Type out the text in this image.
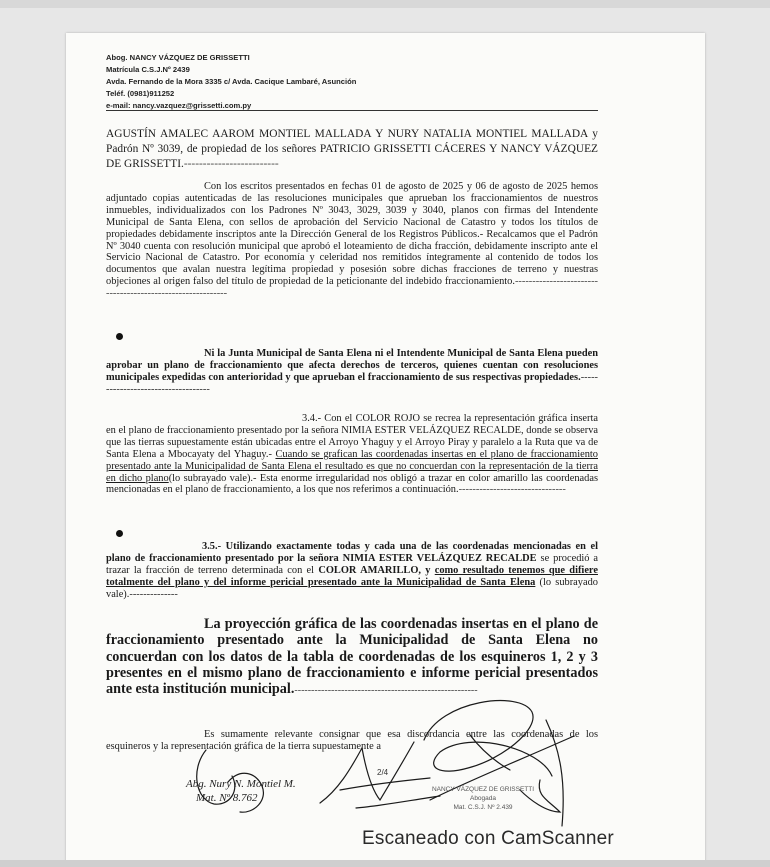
Abog. NANCY VÁZQUEZ DE GRISSETTI
Matrícula C.S.J.Nº 2439
Avda. Fernando de la Mora 3335 c/ Avda. Cacique Lambaré, Asunción
Teléf. (0981)911252
e-mail: nancy.vazquez@grissetti.com.py

AGUSTÍN AMALEC AAROM MONTIEL MALLADA Y NURY NATALIA MONTIEL MALLADA y Padrón Nº 3039, de propiedad de los señores PATRICIO GRISSETTI CÁCERES Y NANCY VÁZQUEZ DE GRISSETTI.-------------------------

Con los escritos presentados en fechas 01 de agosto de 2025 y 06 de agosto de 2025 hemos adjuntado copias autenticadas de las resoluciones municipales que aprueban los fraccionamientos de nuestros inmuebles, individualizados con los Padrones Nº 3043, 3029, 3039 y 3040, planos con firmas del Intendente Municipal de Santa Elena, con sellos de aprobación del Servicio Nacional de Catastro y todos los títulos de propiedades debidamente inscriptos ante la Dirección General de los Registros Públicos.- Recalcamos que el Padrón Nº 3040 cuenta con resolución municipal que aprobó el loteamiento de dicha fracción, debidamente inscripto ante el Servicio Nacional de Catastro. Por economía y celeridad nos remitidos íntegramente al contenido de todos los documentos que avalan nuestra legítima propiedad y posesión sobre dichas fracciones de terreno y nuestras objeciones al origen falso del título de propiedad de la peticionante del indebido fraccionamiento.-----------------------------------------------------------

Ni la Junta Municipal de Santa Elena ni el Intendente Municipal de Santa Elena pueden aprobar un plano de fraccionamiento que afecta derechos de terceros, quienes cuentan con resoluciones municipales expedidas con anterioridad y que aprueban el fraccionamiento de sus respectivas propiedades.-----------------------------------

3.4.- Con el COLOR ROJO se recrea la representación gráfica inserta en el plano de fraccionamiento presentado por la señora NIMIA ESTER VELÁZQUEZ RECALDE, donde se observa que las tierras supuestamente están ubicadas entre el Arroyo Yhaguy y el Arroyo Piray y paralelo a la Ruta que va de Santa Elena a Mbocayaty del Yhaguy.- Cuando se grafican las coordenadas insertas en el plano de fraccionamiento presentado ante la Municipalidad de Santa Elena el resultado es que no concuerdan con la representación de la tierra en dicho plano(lo subrayado vale).- Esta enorme irregularidad nos obligó a trazar en color amarillo las coordenadas mencionadas en el plano de fraccionamiento, a los que nos referimos a continuación.-------------------------------

3.5.- Utilizando exactamente todas y cada una de las coordenadas mencionadas en el plano de fraccionamiento presentado por la señora NIMIA ESTER VELÁZQUEZ RECALDE se procedió a trazar la fracción de terreno determinada con el COLOR AMARILLO, y como resultado tenemos que difiere totalmente del plano y del informe pericial presentado ante la Municipalidad de Santa Elena (lo subrayado vale).--------------

La proyección gráfica de las coordenadas insertas en el plano de fraccionamiento presentado ante la Municipalidad de Santa Elena no concuerdan con los datos de la tabla de coordenadas de los esquineros 1, 2 y 3 presentes en el mismo plano de fraccionamiento e informe pericial presentados ante esta institución municipal.-------------------------------------------------------

Es sumamente relevante consignar que esa discordancia entre las coordenadas de los esquineros y la representación gráfica de la tierra supuestamente a

Abg. Nury N. Montiel M.
Mat. Nº 8.762
2/4
NANCY VÁZQUEZ DE GRISSETTI
Abogada
Mat. C.S.J. Nº 2.439
Escaneado con CamScanner
